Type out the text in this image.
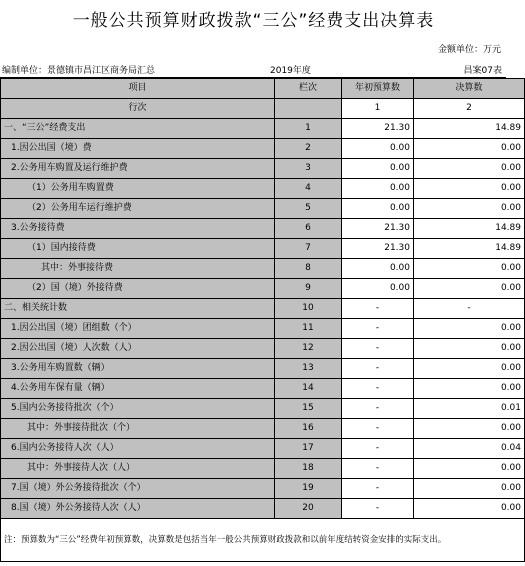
一般公共预算财政拨款“三公”经费支出决算表
金额单位：万元
编制单位：景德镇市昌江区商务局汇总	2019年度	昌案07表
项目	栏次	年初预算数	决算数
行次		1	2
一、“三公”经费支出	1	21.30	14.89
1.因公出国（境）费	2	0.00	0.00
2.公务用车购置及运行维护费	3	0.00	0.00
（1）公务用车购置费	4	0.00	0.00
（2）公务用车运行维护费	5	0.00	0.00
3.公务接待费	6	21.30	14.89
（1）国内接待费	7	21.30	14.89
其中：外事接待费	8	0.00	0.00
（2）国（境）外接待费	9	0.00	0.00
二、相关统计数	10	-	-
1.因公出国（境）团组数（个）	11	-	0.00
2.因公出国（境）人次数（人）	12	-	0.00
3.公务用车购置数（辆）	13	-	0.00
4.公务用车保有量（辆）	14	-	0.00
5.国内公务接待批次（个）	15	-	0.01
其中：外事接待批次（个）	16	-	0.00
6.国内公务接待人次（人）	17	-	0.04
其中：外事接待人次（人）	18	-	0.00
7.国（境）外公务接待批次（个）	19	-	0.00
8.国（境）外公务接待人次（人）	20	-	0.00
注：预算数为“三公”经费年初预算数，决算数是包括当年一般公共预算财政拨款和以前年度结转资金安排的实际支出。			
